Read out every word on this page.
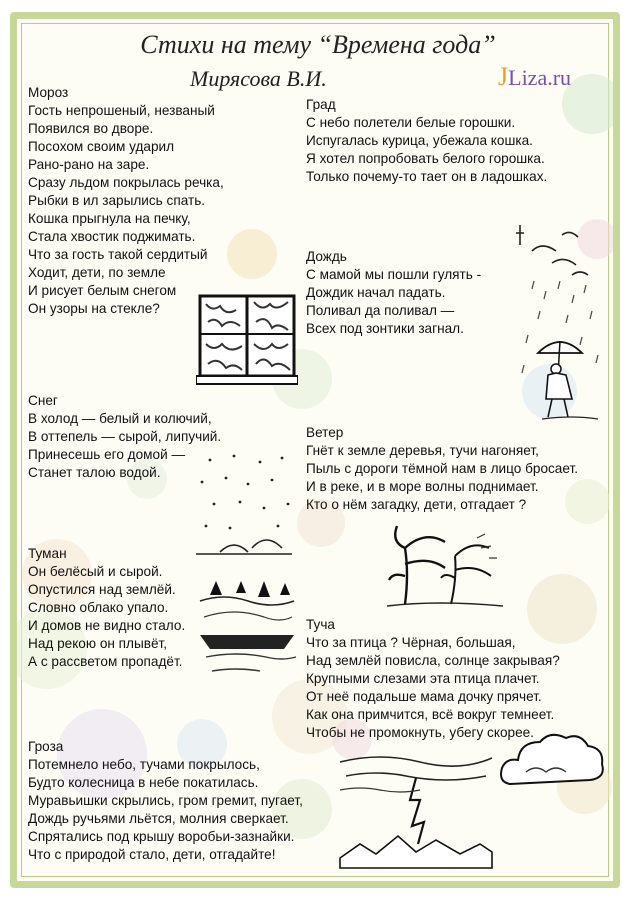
Стихи на тему “Времена года”
Мирясова В.И.	JLiza.ru
Мороз
Гость непрошеный, незваный
Появился во дворе.
Посохом своим ударил
Рано-рано на заре.
Сразу льдом покрылась речка,
Рыбки в ил зарылись спать.
Кошка прыгнула на печку,
Стала хвостик поджимать.
Что за гость такой сердитый
Ходит, дети, по земле
И рисует белым снегом
Он узоры на стекле?
Град
С небо полетели белые горошки.
Испугалась курица, убежала кошка.
Я хотел попробовать белого горошка.
Только почему-то тает он в ладошках.
Дождь
С мамой мы пошли гулять -
Дождик начал падать.
Поливал да поливал —
Всех под зонтики загнал.
Снег
В холод — белый и колючий,
В оттепель — сырой, липучий.
Принесешь его домой —
Станет талою водой.
Ветер
Гнёт к земле деревья, тучи нагоняет,
Пыль с дороги тёмной нам в лицо бросает.
И в реке, и в море волны поднимает.
Кто о нём загадку, дети, отгадает ?
Туман
Он белёсый и сырой.
Опустился над землёй.
Словно облако упало.
И домов не видно стало.
Над рекою он плывёт,
А с рассветом пропадёт.
Туча
Что за птица ? Чёрная, большая,
Над землёй повисла, солнце закрывая?
Крупными слезами эта птица плачет.
От неё подальше мама дочку прячет.
Как она примчится, всё вокруг темнеет.
Чтобы не промокнуть, убегу скорее.
Гроза
Потемнело небо, тучами покрылось,
Будто колесница в небе покатилась.
Муравьишки скрылись, гром гремит, пугает,
Дождь ручьями льётся, молния сверкает.
Спрятались под крышу воробьи-зазнайки.
Что с природой стало, дети, отгадайте!
